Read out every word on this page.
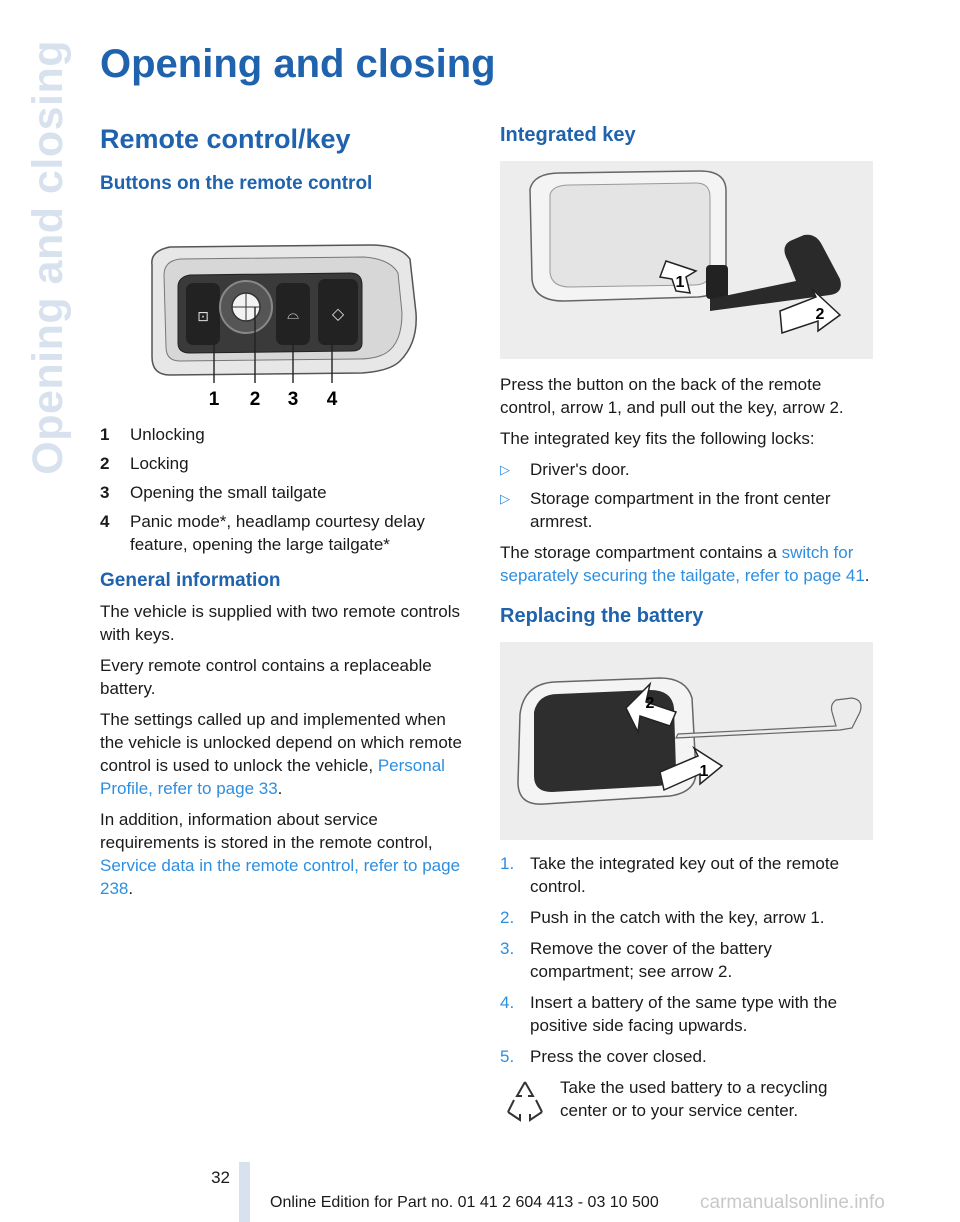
Opening and closing Opening and closing
Remote control/key
Buttons on the remote control
⊡	⌓ ◇
1 2 3 4
1	Unlocking
2	Locking
3	Opening the small tailgate
4	Panic mode*, headlamp courtesy delay feature, opening the large tailgate*
General information

The vehicle is supplied with two remote controls with keys.

Every remote control contains a replaceable battery.

The settings called up and implemented when the vehicle is unlocked depend on which remote control is used to unlock the vehicle, Personal Profile, refer to page 33.

In addition, information about service requirements is stored in the remote control, Service data in the remote control, refer to page 238.

Integrated key
1
2

Press the button on the back of the remote control, arrow 1, and pull out the key, arrow 2.

The integrated key fits the following locks:

▷	Driver's door.
▷	Storage compartment in the front center armrest.

The storage compartment contains a switch for separately securing the tailgate, refer to page 41.

Replacing the battery
1
2
1. Take the integrated key out of the remote control.
2. Push in the catch with the key, arrow 1.
3. Remove the cover of the battery compartment; see arrow 2.
4. Insert a battery of the same type with the positive side facing upwards.
5. Press the cover closed.

Take the used battery to a recycling center or to your service center.

32
Online Edition for Part no. 01 41 2 604 413 - 03 10 500 carmanualsonline.info
